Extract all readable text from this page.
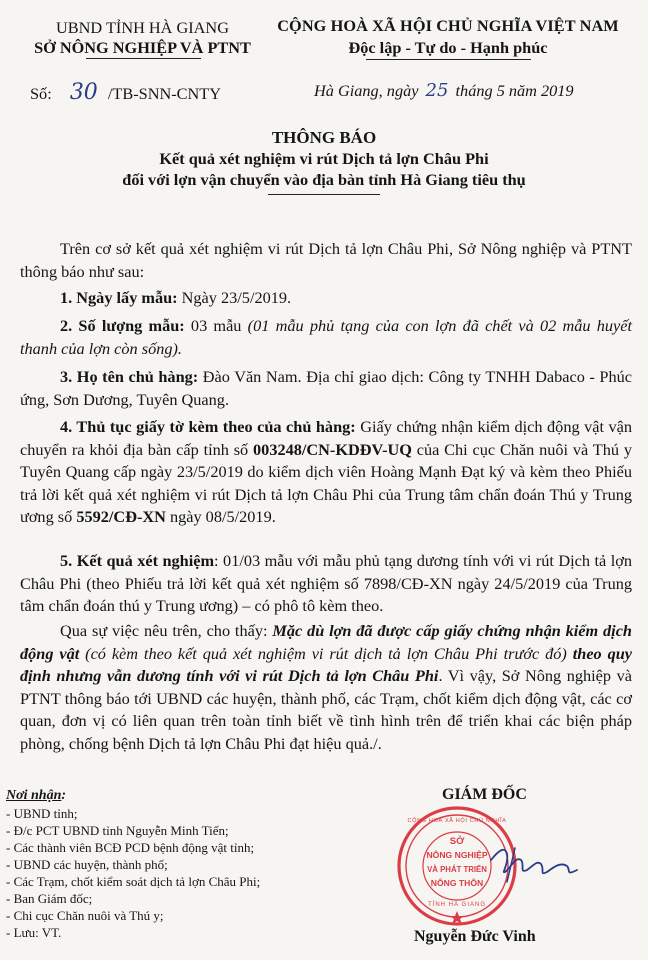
UBND TỈNH HÀ GIANG
SỞ NÔNG NGHIỆP VÀ PTNT
CỘNG HOÀ XÃ HỘI CHỦ NGHĨA VIỆT NAM
Độc lập - Tự do - Hạnh phúc
Số: 30 /TB-SNN-CNTY	Hà Giang, ngày 25 tháng 5 năm 2019
THÔNG BÁO
Kết quả xét nghiệm vi rút Dịch tả lợn Châu Phi
đối với lợn vận chuyển vào địa bàn tỉnh Hà Giang tiêu thụ
Trên cơ sở kết quả xét nghiệm vi rút Dịch tả lợn Châu Phi, Sở Nông nghiệp và PTNT thông báo như sau:
1. Ngày lấy mẫu: Ngày 23/5/2019.
2. Số lượng mẫu: 03 mẫu (01 mẫu phủ tạng của con lợn đã chết và 02 mẫu huyết thanh của lợn còn sống).
3. Họ tên chủ hàng: Đào Văn Nam. Địa chỉ giao dịch: Công ty TNHH Dabaco - Phúc ứng, Sơn Dương, Tuyên Quang.
4. Thủ tục giấy tờ kèm theo của chủ hàng: Giấy chứng nhận kiểm dịch động vật vận chuyển ra khỏi địa bàn cấp tỉnh số 003248/CN-KDĐV-UQ của Chi cục Chăn nuôi và Thú y Tuyên Quang cấp ngày 23/5/2019 do kiểm dịch viên Hoàng Mạnh Đạt ký và kèm theo Phiếu trả lời kết quả xét nghiệm vi rút Dịch tả lợn Châu Phi của Trung tâm chẩn đoán Thú y Trung ương số 5592/CĐ-XN ngày 08/5/2019.
5. Kết quả xét nghiệm: 01/03 mẫu với mẫu phủ tạng dương tính với vi rút Dịch tả lợn Châu Phi (theo Phiếu trả lời kết quả xét nghiệm số 7898/CĐ-XN ngày 24/5/2019 của Trung tâm chẩn đoán thú y Trung ương) – có phô tô kèm theo.
Qua sự việc nêu trên, cho thấy: Mặc dù lợn đã được cấp giấy chứng nhận kiểm dịch động vật (có kèm theo kết quả xét nghiệm vi rút dịch tả lợn Châu Phi trước đó) theo quy định nhưng vẫn dương tính với vi rút Dịch tả lợn Châu Phi. Vì vậy, Sở Nông nghiệp và PTNT thông báo tới UBND các huyện, thành phố, các Trạm, chốt kiểm dịch động vật, các cơ quan, đơn vị có liên quan trên toàn tỉnh biết về tình hình trên để triển khai các biện pháp phòng, chống bệnh Dịch tả lợn Châu Phi đạt hiệu quả./.
Nơi nhận:
- UBND tỉnh;
- Đ/c PCT UBND tỉnh Nguyễn Minh Tiến;
- Các thành viên BCĐ PCD bệnh động vật tỉnh;
- UBND các huyện, thành phố;
- Các Trạm, chốt kiểm soát dịch tả lợn Châu Phi;
- Ban Giám đốc;
- Chi cục Chăn nuôi và Thú y;
- Lưu: VT.
GIÁM ĐỐC
SỞ
NÔNG NGHIỆP
VÀ PHÁT TRIỂN
NÔNG THÔN
TỈNH HÀ GIANG
CỘNG HOÀ XÃ HỘI CHỦ NGHĨA
Nguyễn Đức Vinh
